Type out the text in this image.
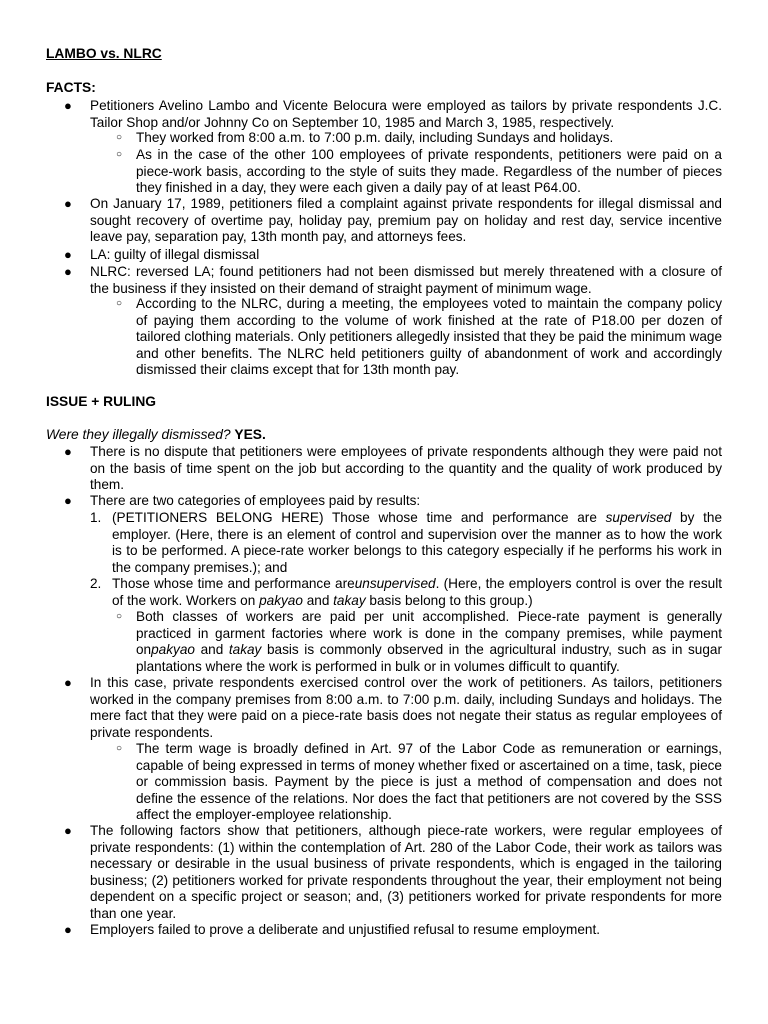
LAMBO vs. NLRC
FACTS:
● Petitioners Avelino Lambo and Vicente Belocura were employed as tailors by private respondents J.C. Tailor Shop and/or Johnny Co on September 10, 1985 and March 3, 1985, respectively.
○ They worked from 8:00 a.m. to 7:00 p.m. daily, including Sundays and holidays.
○ As in the case of the other 100 employees of private respondents, petitioners were paid on a piece-work basis, according to the style of suits they made. Regardless of the number of pieces they finished in a day, they were each given a daily pay of at least P64.00.
● On January 17, 1989, petitioners filed a complaint against private respondents for illegal dismissal and sought recovery of overtime pay, holiday pay, premium pay on holiday and rest day, service incentive leave pay, separation pay, 13th month pay, and attorneys fees.
● LA: guilty of illegal dismissal
● NLRC: reversed LA; found petitioners had not been dismissed but merely threatened with a closure of the business if they insisted on their demand of straight payment of minimum wage.
○ According to the NLRC, during a meeting, the employees voted to maintain the company policy of paying them according to the volume of work finished at the rate of P18.00 per dozen of tailored clothing materials. Only petitioners allegedly insisted that they be paid the minimum wage and other benefits. The NLRC held petitioners guilty of abandonment of work and accordingly dismissed their claims except that for 13th month pay.
ISSUE + RULING
Were they illegally dismissed? YES.
● There is no dispute that petitioners were employees of private respondents although they were paid not on the basis of time spent on the job but according to the quantity and the quality of work produced by them.
● There are two categories of employees paid by results:
1. (PETITIONERS BELONG HERE) Those whose time and performance are supervised by the employer. (Here, there is an element of control and supervision over the manner as to how the work is to be performed. A piece-rate worker belongs to this category especially if he performs his work in the company premises.); and
2. Those whose time and performance areunsupervised. (Here, the employers control is over the result of the work. Workers on pakyao and takay basis belong to this group.)
○ Both classes of workers are paid per unit accomplished. Piece-rate payment is generally practiced in garment factories where work is done in the company premises, while payment onpakyao and takay basis is commonly observed in the agricultural industry, such as in sugar plantations where the work is performed in bulk or in volumes difficult to quantify.
● In this case, private respondents exercised control over the work of petitioners. As tailors, petitioners worked in the company premises from 8:00 a.m. to 7:00 p.m. daily, including Sundays and holidays. The mere fact that they were paid on a piece-rate basis does not negate their status as regular employees of private respondents.
○ The term wage is broadly defined in Art. 97 of the Labor Code as remuneration or earnings, capable of being expressed in terms of money whether fixed or ascertained on a time, task, piece or commission basis. Payment by the piece is just a method of compensation and does not define the essence of the relations. Nor does the fact that petitioners are not covered by the SSS affect the employer-employee relationship.
● The following factors show that petitioners, although piece-rate workers, were regular employees of private respondents: (1) within the contemplation of Art. 280 of the Labor Code, their work as tailors was necessary or desirable in the usual business of private respondents, which is engaged in the tailoring business; (2) petitioners worked for private respondents throughout the year, their employment not being dependent on a specific project or season; and, (3) petitioners worked for private respondents for more than one year.
● Employers failed to prove a deliberate and unjustified refusal to resume employment.
